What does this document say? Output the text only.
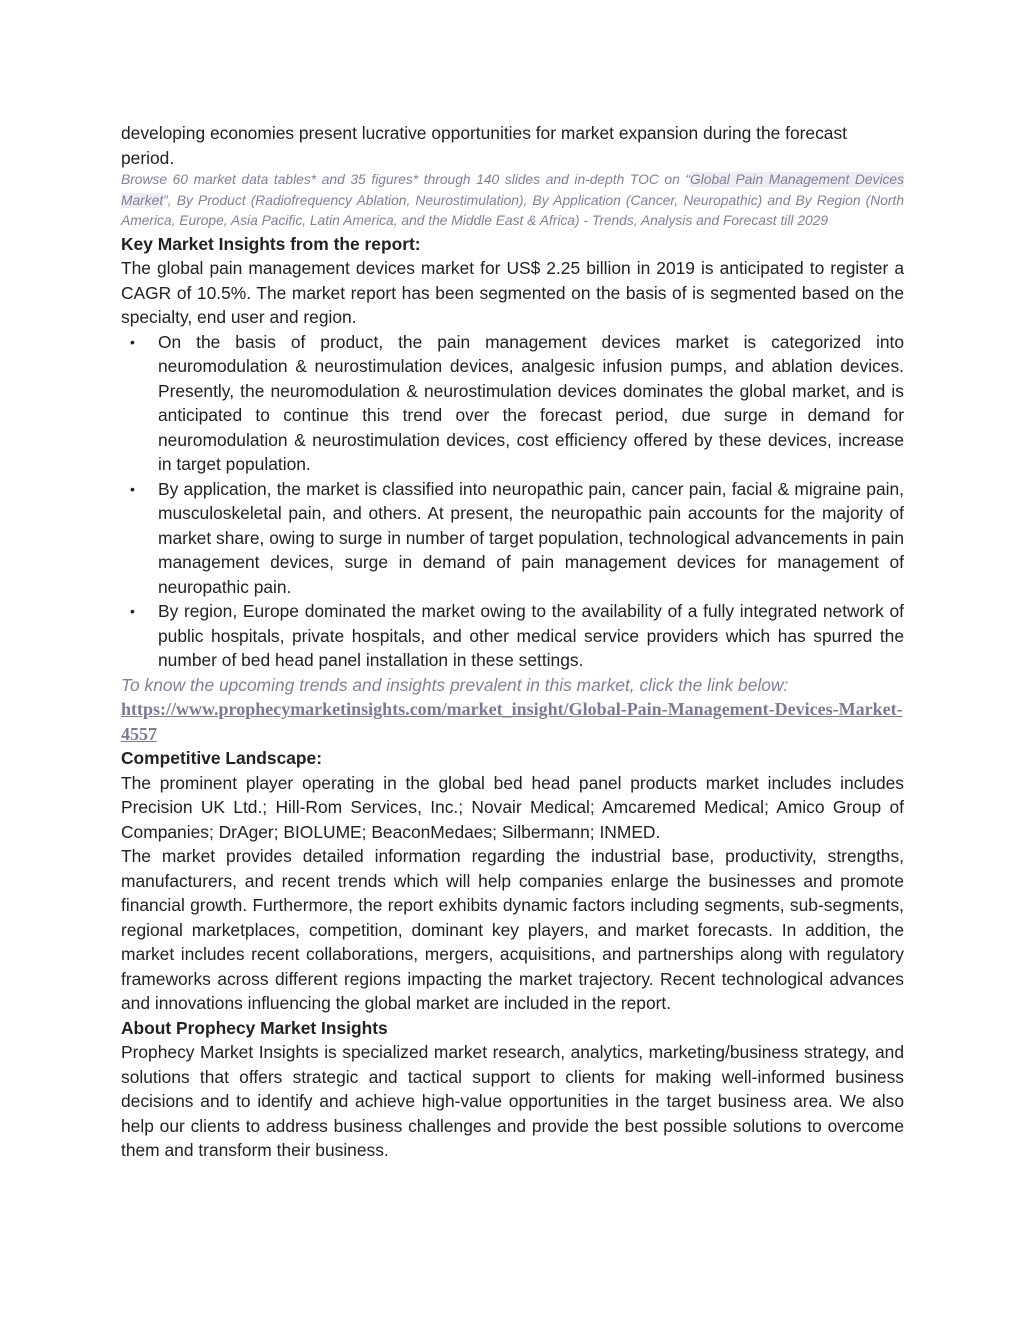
developing economies present lucrative opportunities for market expansion during the forecast period.

Browse 60 market data tables* and 35 figures* through 140 slides and in-depth TOC on “Global Pain Management Devices Market”, By Product (Radiofrequency Ablation, Neurostimulation), By Application (Cancer, Neuropathic) and By Region (North America, Europe, Asia Pacific, Latin America, and the Middle East & Africa) - Trends, Analysis and Forecast till 2029

Key Market Insights from the report:

The global pain management devices market for US$ 2.25 billion in 2019 is anticipated to register a CAGR of 10.5%. The market report has been segmented on the basis of is segmented based on the specialty, end user and region.

• On the basis of product, the pain management devices market is categorized into neuromodulation & neurostimulation devices, analgesic infusion pumps, and ablation devices. Presently, the neuromodulation & neurostimulation devices dominates the global market, and is anticipated to continue this trend over the forecast period, due surge in demand for neuromodulation & neurostimulation devices, cost efficiency offered by these devices, increase in target population.
• By application, the market is classified into neuropathic pain, cancer pain, facial & migraine pain, musculoskeletal pain, and others. At present, the neuropathic pain accounts for the majority of market share, owing to surge in number of target population, technological advancements in pain management devices, surge in demand of pain management devices for management of neuropathic pain.
• By region, Europe dominated the market owing to the availability of a fully integrated network of public hospitals, private hospitals, and other medical service providers which has spurred the number of bed head panel installation in these settings.

To know the upcoming trends and insights prevalent in this market, click the link below:

https://www.prophecymarketinsights.com/market_insight/Global-Pain-Management-Devices-Market-4557

Competitive Landscape:

The prominent player operating in the global bed head panel products market includes includes Precision UK Ltd.; Hill-Rom Services, Inc.; Novair Medical; Amcaremed Medical; Amico Group of Companies; DrAger; BIOLUME; BeaconMedaes; Silbermann; INMED.

The market provides detailed information regarding the industrial base, productivity, strengths, manufacturers, and recent trends which will help companies enlarge the businesses and promote financial growth. Furthermore, the report exhibits dynamic factors including segments, sub-segments, regional marketplaces, competition, dominant key players, and market forecasts. In addition, the market includes recent collaborations, mergers, acquisitions, and partnerships along with regulatory frameworks across different regions impacting the market trajectory. Recent technological advances and innovations influencing the global market are included in the report.

About Prophecy Market Insights

Prophecy Market Insights is specialized market research, analytics, marketing/business strategy, and solutions that offers strategic and tactical support to clients for making well-informed business decisions and to identify and achieve high-value opportunities in the target business area. We also help our clients to address business challenges and provide the best possible solutions to overcome them and transform their business.
